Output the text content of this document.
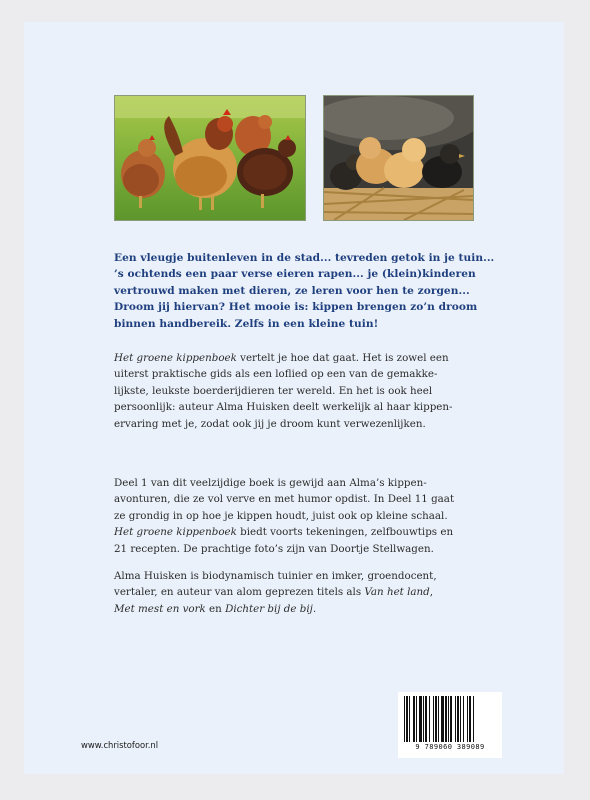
Een vleugje buitenleven in de stad... tevreden getok in je tuin...
’s ochtends een paar verse eieren rapen... je (klein)kinderen
vertrouwd maken met dieren, ze leren voor hen te zorgen...
Droom jij hiervan? Het mooie is: kippen brengen zo’n droom
binnen handbereik. Zelfs in een kleine tuin!
Het groene kippenboek vertelt je hoe dat gaat. Het is zowel een
uiterst praktische gids als een loflied op een van de gemakke-
lijkste, leukste boerderijdieren ter wereld. En het is ook heel
persoonlijk: auteur Alma Huisken deelt werkelijk al haar kippen-
ervaring met je, zodat ook jij je droom kunt verwezenlijken.
Deel 1 van dit veelzijdige boek is gewijd aan Alma’s kippen-
avonturen, die ze vol verve en met humor opdist. In Deel 11 gaat
ze grondig in op hoe je kippen houdt, juist ook op kleine schaal.
Het groene kippenboek biedt voorts tekeningen, zelfbouwtips en
21 recepten. De prachtige foto’s zijn van Doortje Stellwagen.
Alma Huisken is biodynamisch tuinier en imker, groendocent,
vertaler, en auteur van alom geprezen titels als Van het land,
Met mest en vork en Dichter bij de bij.
www.christofoor.nl	9 789060 389089
